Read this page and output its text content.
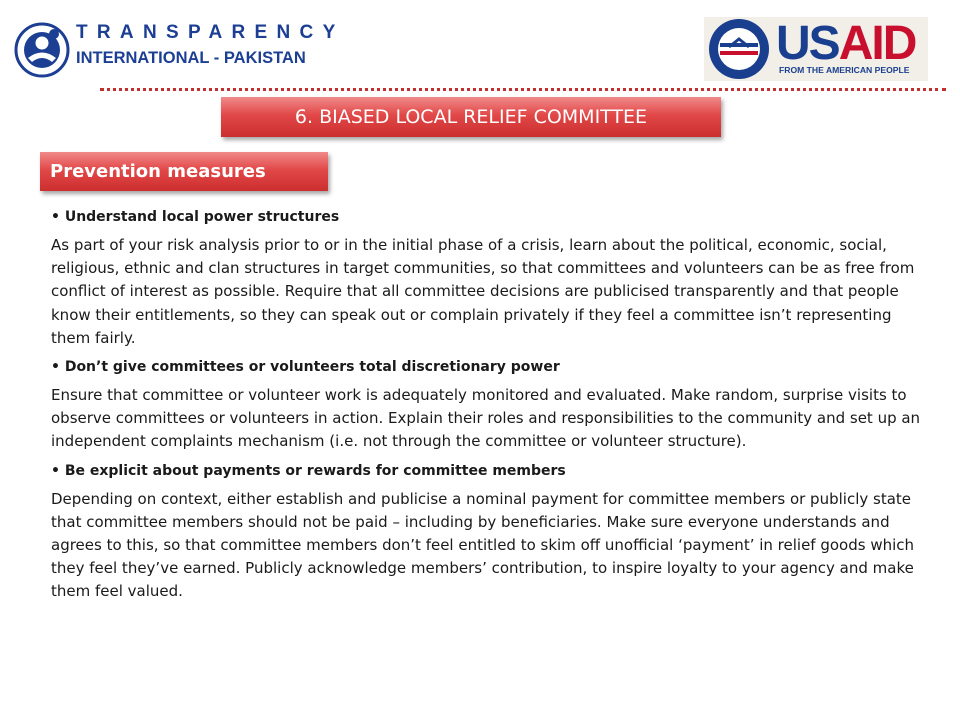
TRANSPARENCY
INTERNATIONAL - PAKISTAN	USAID
FROM THE AMERICAN PEOPLE
6. BIASED LOCAL RELIEF COMMITTEE
Prevention measures

• Understand local power structures

As part of your risk analysis prior to or in the initial phase of a crisis, learn about the political, economic, social, religious, ethnic and clan structures in target communities, so that committees and volunteers can be as free from conflict of interest as possible. Require that all committee decisions are publicised transparently and that people know their entitlements, so they can speak out or complain privately if they feel a committee isn’t representing them fairly.

• Don’t give committees or volunteers total discretionary power

Ensure that committee or volunteer work is adequately monitored and evaluated. Make random, surprise visits to observe committees or volunteers in action. Explain their roles and responsibilities to the community and set up an independent complaints mechanism (i.e. not through the committee or volunteer structure).

• Be explicit about payments or rewards for committee members

Depending on context, either establish and publicise a nominal payment for committee members or publicly state that committee members should not be paid – including by beneficiaries. Make sure everyone understands and agrees to this, so that committee members don’t feel entitled to skim off unofficial ‘payment’ in relief goods which they feel they’ve earned. Publicly acknowledge members’ contribution, to inspire loyalty to your agency and make them feel valued.
